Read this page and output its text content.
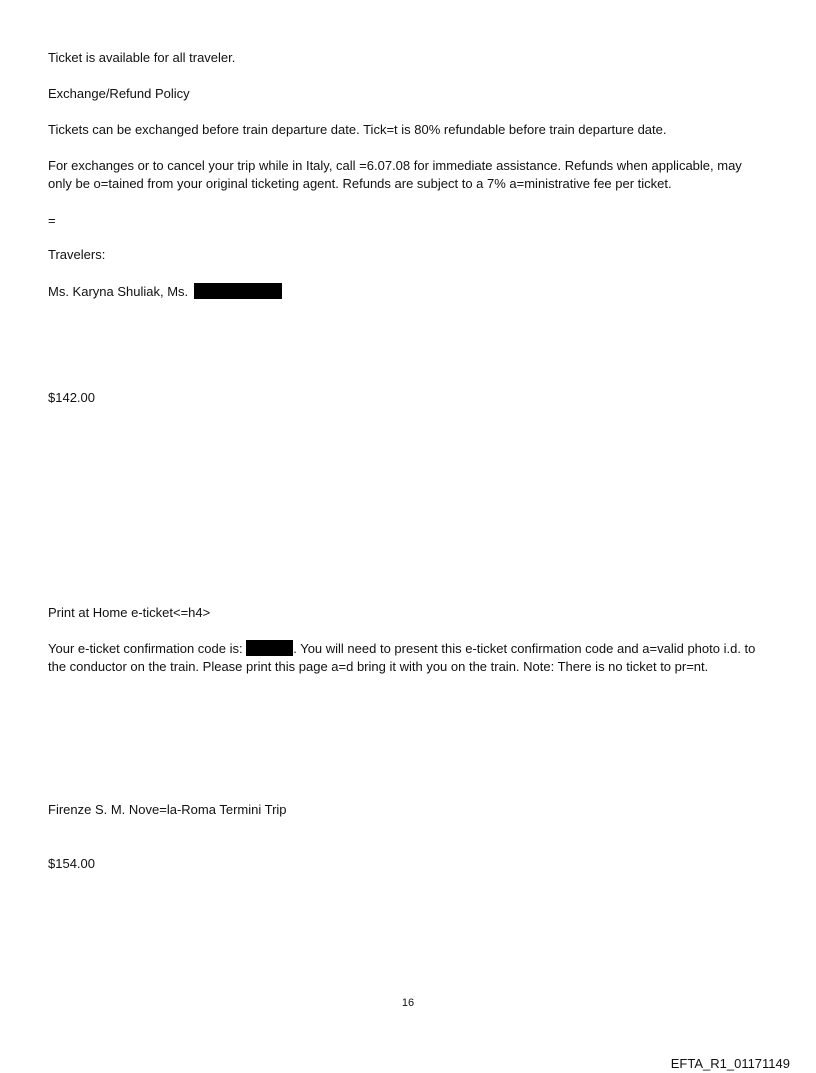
Ticket is available for all traveler.

Exchange/Refund Policy

Tickets can be exchanged before train departure date. Tick=t is 80% refundable before train departure date.

For exchanges or to cancel your trip while in Italy, call =6.07.08 for immediate assistance. Refunds when applicable, may only be o=tained from your original ticketing agent. Refunds are subject to a 7% a=ministrative fee per ticket.

=

Travelers:

Ms. Karyna Shuliak, Ms.

$142.00

Print at Home e-ticket<=h4>

Your e-ticket confirmation code is:	. You will need to present this e-ticket confirmation code and a=valid photo i.d. to the conductor on the train. Please print this page a=d bring it with you on the train. Note: There is no ticket to pr=nt.

Firenze S. M. Nove=la-Roma Termini Trip

$154.00

16
EFTA_R1_01171149
